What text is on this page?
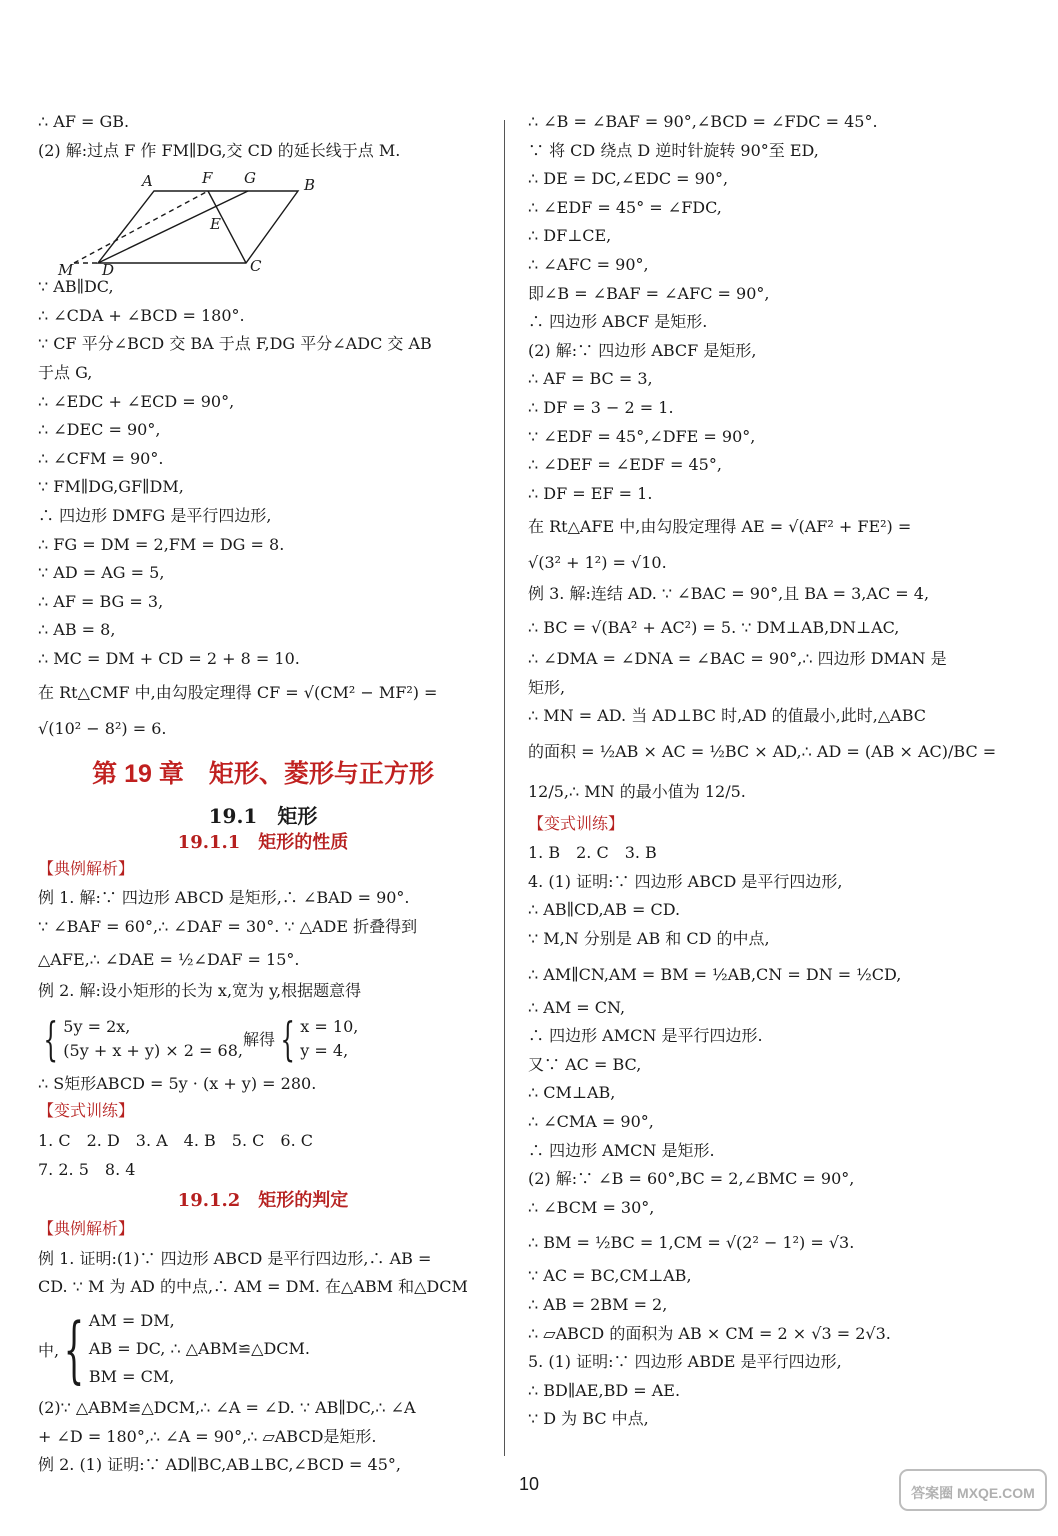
∴ AF = GB.
(2) 解:过点 F 作 FM∥DG,交 CD 的延长线于点 M.
A	F G	B
E
M D	C
∵ AB∥DC,
∴ ∠CDA + ∠BCD = 180°.
∵ CF 平分∠BCD 交 BA 于点 F,DG 平分∠ADC 交 AB
于点 G,
∴ ∠EDC + ∠ECD = 90°,
∴ ∠DEC = 90°,
∴ ∠CFM = 90°.
∵ FM∥DG,GF∥DM,
∴ 四边形 DMFG 是平行四边形,
∴ FG = DM = 2,FM = DG = 8.
∵ AD = AG = 5,
∴ AF = BG = 3,
∴ AB = 8,
∴ MC = DM + CD = 2 + 8 = 10.
在 Rt△CMF 中,由勾股定理得 CF = √(CM² − MF²) =
√(10² − 8²) = 6.
第 19 章　矩形、菱形与正方形
19.1　矩形
19.1.1　矩形的性质
【典例解析】
例 1. 解:∵ 四边形 ABCD 是矩形,∴ ∠BAD = 90°.
∵ ∠BAF = 60°,∴ ∠DAF = 30°. ∵ △ADE 折叠得到
△AFE,∴ ∠DAE = ½∠DAF = 15°.
例 2. 解:设小矩形的长为 x,宽为 y,根据题意得
{ 5y = 2x,
(5y + x + y) × 2 = 68,
解得 { x = 10,
y = 4,
∴ S矩形ABCD = 5y · (x + y) = 280.
【变式训练】
1. C　2. D　3. A　4. B　5. C　6. C
7. 2. 5　8. 4
19.1.2　矩形的判定
【典例解析】
例 1. 证明:(1)∵ 四边形 ABCD 是平行四边形,∴ AB =
CD. ∵ M 为 AD 的中点,∴ AM = DM. 在△ABM 和△DCM
中, { AM = DM,
AB = DC, ∴ △ABM≌△DCM.
BM = CM,
(2)∵ △ABM≌△DCM,∴ ∠A = ∠D. ∵ AB∥DC,∴ ∠A
+ ∠D = 180°,∴ ∠A = 90°,∴ ▱ABCD是矩形.
例 2. (1) 证明:∵ AD∥BC,AB⊥BC,∠BCD = 45°,
∴ ∠B = ∠BAF = 90°,∠BCD = ∠FDC = 45°.
∵ 将 CD 绕点 D 逆时针旋转 90°至 ED,
∴ DE = DC,∠EDC = 90°,
∴ ∠EDF = 45° = ∠FDC,
∴ DF⊥CE,
∴ ∠AFC = 90°,
即∠B = ∠BAF = ∠AFC = 90°,
∴ 四边形 ABCF 是矩形.
(2) 解:∵ 四边形 ABCF 是矩形,
∴ AF = BC = 3,
∴ DF = 3 − 2 = 1.
∵ ∠EDF = 45°,∠DFE = 90°,
∴ ∠DEF = ∠EDF = 45°,
∴ DF = EF = 1.
在 Rt△AFE 中,由勾股定理得 AE = √(AF² + FE²) =
√(3² + 1²) = √10.
例 3. 解:连结 AD. ∵ ∠BAC = 90°,且 BA = 3,AC = 4,
∴ BC = √(BA² + AC²) = 5. ∵ DM⊥AB,DN⊥AC,
∴ ∠DMA = ∠DNA = ∠BAC = 90°,∴ 四边形 DMAN 是
矩形,
∴ MN = AD. 当 AD⊥BC 时,AD 的值最小,此时,△ABC
的面积 = ½AB × AC = ½BC × AD,∴ AD = (AB × AC)/BC =
12/5,∴ MN 的最小值为 12/5.
【变式训练】
1. B　2. C　3. B
4. (1) 证明:∵ 四边形 ABCD 是平行四边形,
∴ AB∥CD,AB = CD.
∵ M,N 分别是 AB 和 CD 的中点,
∴ AM∥CN,AM = BM = ½AB,CN = DN = ½CD,
∴ AM = CN,
∴ 四边形 AMCN 是平行四边形.
又∵ AC = BC,
∴ CM⊥AB,
∴ ∠CMA = 90°,
∴ 四边形 AMCN 是矩形.
(2) 解:∵ ∠B = 60°,BC = 2,∠BMC = 90°,
∴ ∠BCM = 30°,
∴ BM = ½BC = 1,CM = √(2² − 1²) = √3.
∵ AC = BC,CM⊥AB,
∴ AB = 2BM = 2,
∴ ▱ABCD 的面积为 AB × CM = 2 × √3 = 2√3.
5. (1) 证明:∵ 四边形 ABDE 是平行四边形,
∴ BD∥AE,BD = AE.
∵ D 为 BC 中点,
10	答案圈 MXQE.COM
